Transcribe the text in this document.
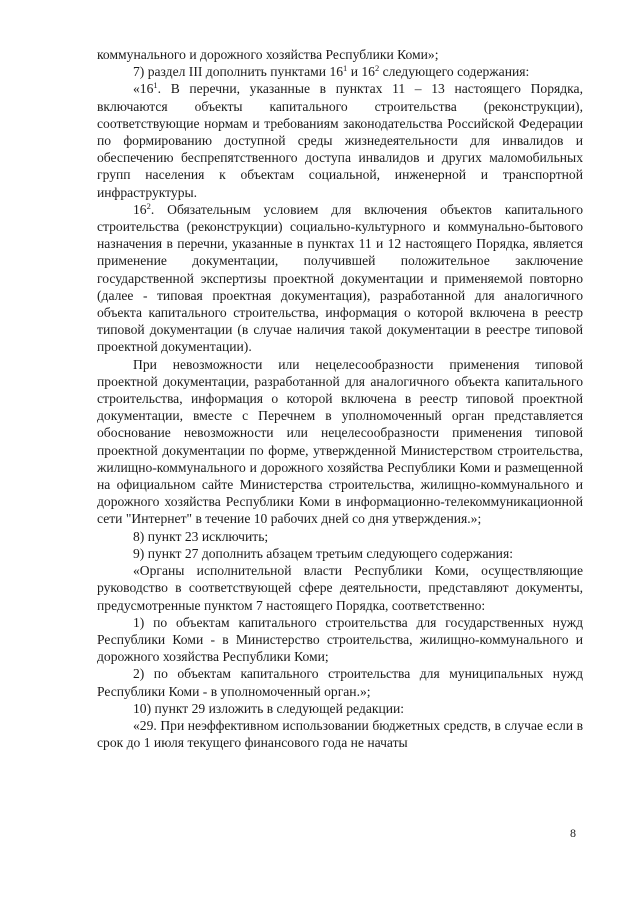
коммунального и дорожного хозяйства Республики Коми»;

7) раздел III дополнить пунктами $16^1$ и $16^2$ следующего содержания:

«$16^1$. В перечни, указанные в пунктах 11 – 13 настоящего Порядка, включаются объекты капитального строительства (реконструкции), соответствующие нормам и требованиям законодательства Российской Федерации по формированию доступной среды жизнедеятельности для инвалидов и обеспечению беспрепятственного доступа инвалидов и других маломобильных групп населения к объектам социальной, инженерной и транспортной инфраструктуры.

$16^2$. Обязательным условием для включения объектов капитального строительства (реконструкции) социально-культурного и коммунально-бытового назначения в перечни, указанные в пунктах 11 и 12 настоящего Порядка, является применение документации, получившей положительное заключение государственной экспертизы проектной документации и применяемой повторно (далее - типовая проектная документация), разработанной для аналогичного объекта капитального строительства, информация о которой включена в реестр типовой документации (в случае наличия такой документации в реестре типовой проектной документации).

При невозможности или нецелесообразности применения типовой проектной документации, разработанной для аналогичного объекта капитального строительства, информация о которой включена в реестр типовой проектной документации, вместе с Перечнем в уполномоченный орган представляется обоснование невозможности или нецелесообразности применения типовой проектной документации по форме, утвержденной Министерством строительства, жилищно-коммунального и дорожного хозяйства Республики Коми и размещенной на официальном сайте Министерства строительства, жилищно-коммунального и дорожного хозяйства Республики Коми в информационно-телекоммуникационной сети "Интернет" в течение 10 рабочих дней со дня утверждения.»;

8) пункт 23 исключить;

9) пункт 27 дополнить абзацем третьим следующего содержания:

«Органы исполнительной власти Республики Коми, осуществляющие руководство в соответствующей сфере деятельности, представляют документы, предусмотренные пунктом 7 настоящего Порядка, соответственно:

1) по объектам капитального строительства для государственных нужд Республики Коми - в Министерство строительства, жилищно-коммунального и дорожного хозяйства Республики Коми;

2) по объектам капитального строительства для муниципальных нужд Республики Коми - в уполномоченный орган.»;

10) пункт 29 изложить в следующей редакции:

«29. При неэффективном использовании бюджетных средств, в случае если в срок до 1 июля текущего финансового года не начаты

8
